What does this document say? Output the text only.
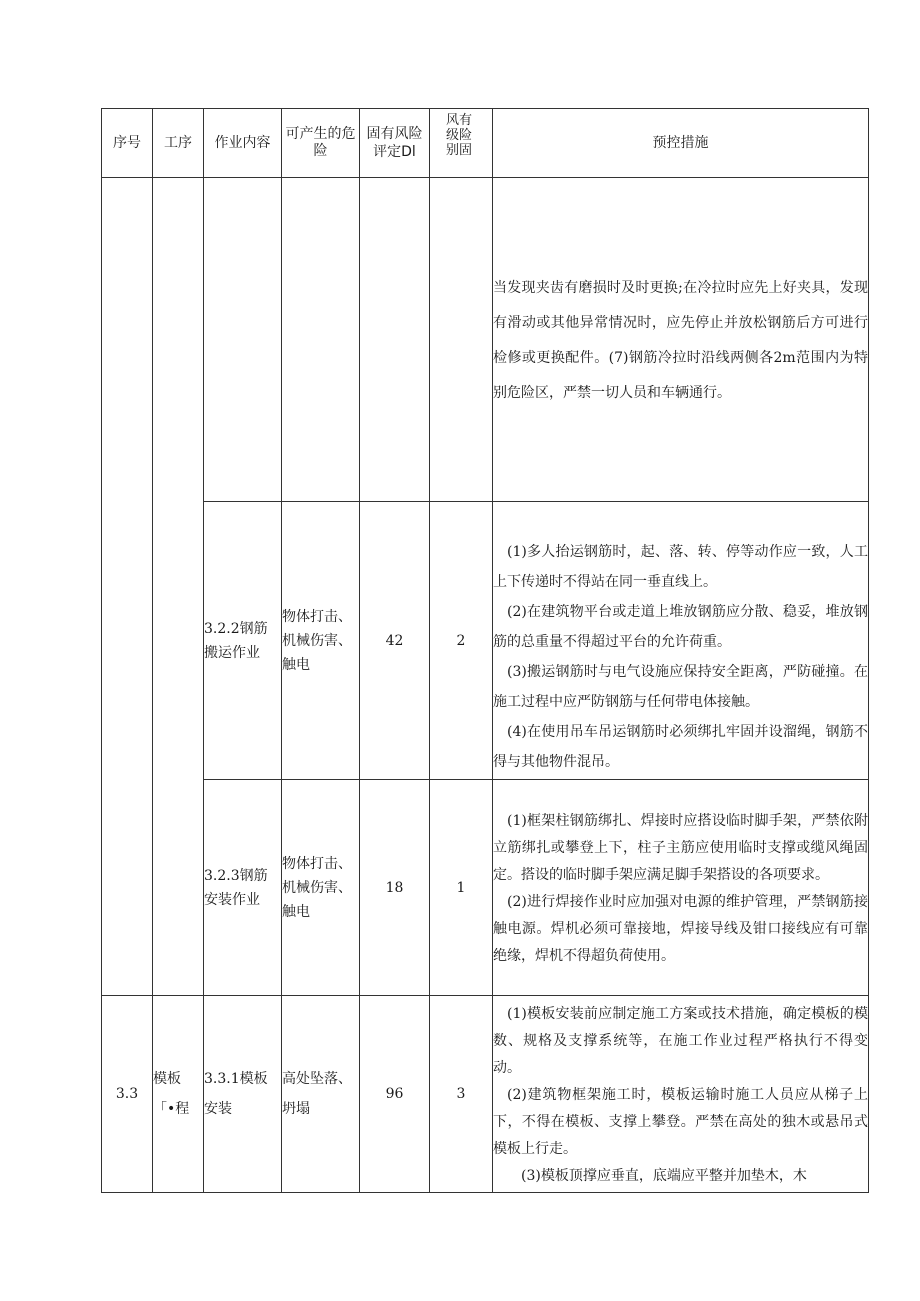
序号	工序	作业内容	可产生的危险	固有风险评定Dl	风有级险别固	预控措施

						当发现夹齿有磨损时及时更换;在冷拉时应先上好夹具，发现有滑动或其他异常情况时，应先停止并放松钢筋后方可进行检修或更换配件。(7)钢筋冷拉时沿线两侧各2m范围内为特别危险区，严禁一切人员和车辆通行。

		3.2.2钢筋搬运作业	物体打击、机械伤害、触电	42	2	(1)多人抬运钢筋时，起、落、转、停等动作应一致，人工上下传递时不得站在同一垂直线上。

(2)在建筑物平台或走道上堆放钢筋应分散、稳妥，堆放钢筋的总重量不得超过平台的允许荷重。

(3)搬运钢筋时与电气设施应保持安全距离，严防碰撞。在施工过程中应严防钢筋与任何带电体接触。

(4)在使用吊车吊运钢筋时必须绑扎牢固并设溜绳，钢筋不得与其他物件混吊。

		3.2.3钢筋安装作业	物体打击、机械伤害、触电	18	1	(1)框架柱钢筋绑扎、焊接时应搭设临时脚手架，严禁依附立筋绑扎或攀登上下，柱子主筋应使用临时支撑或缆风绳固定。搭设的临时脚手架应满足脚手架搭设的各项要求。

(2)进行焊接作业时应加强对电源的维护管理，严禁钢筋接触电源。焊机必须可靠接地，焊接导线及钳口接线应有可靠绝缘，焊机不得超负荷使用。

3.3	模板「•程	3.3.1模板安装	高处坠落、坍塌	96	3	(1)模板安装前应制定施工方案或技术措施，确定模板的模数、规格及支撑系统等，在施工作业过程严格执行不得变动。

(2)建筑物框架施工时，模板运输时施工人员应从梯子上下，不得在模板、支撑上攀登。严禁在高处的独木或悬吊式模板上行走。

(3)模板顶撑应垂直，底端应平整并加垫木，木
